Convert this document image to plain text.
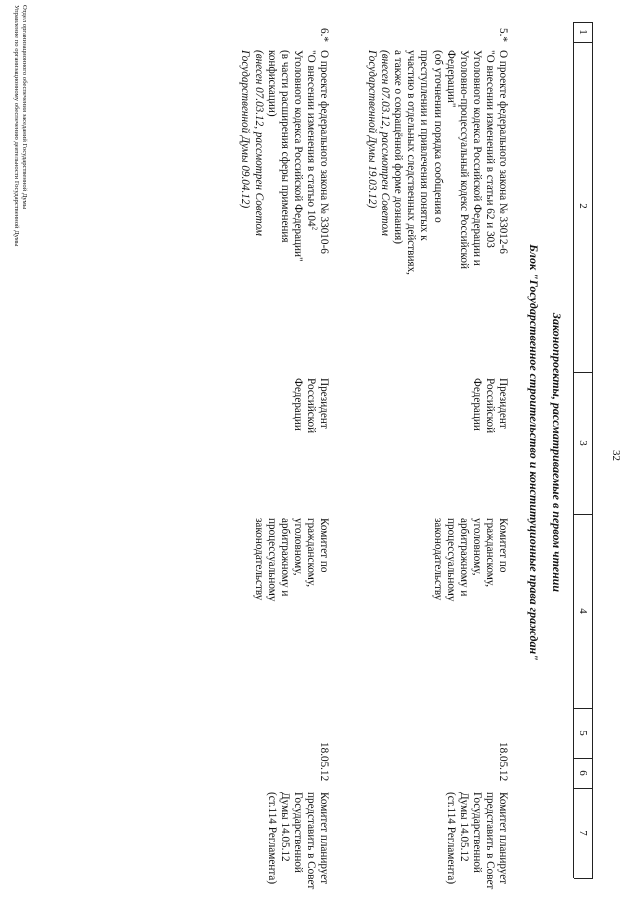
32
1
2
3
4
5
6
7
Законопроекты, рассматриваемые в первом чтении
Блок "Государственное строительство и конституционные права граждан"
5.*
О проекте федерального закона № 33012-6
"О внесении изменений в статьи 62 и 303
Уголовного кодекса Российской Федерации и
Уголовно-процессуальный кодекс Российской
Федерации"
(об уточнении порядка сообщения о
преступлении и привлечения понятых к
участию в отдельных следственных действиях,
а также о сокращённой форме дознания)
(внесен 07.03.12, рассмотрен Советом
Государственной Думы 19.03.12)
Президент
Российской
Федерации
Комитет по
гражданскому,
уголовному,
арбитражному и
процессуальному
законодательству
18.05.12
Комитет планирует
представить в Совет
Государственной
Думы 14.05.12
(ст.114 Регламента)
6.*
О проекте федерального закона № 33010-6
"О внесении изменения в статью $104^2$
Уголовного кодекса Российской Федерации"
(в части расширения сферы применения
конфискации)
(внесен 07.03.12, рассмотрен Советом
Государственной Думы 09.04.12)
Президент
Российской
Федерации
Комитет по
гражданскому,
уголовному,
арбитражному и
процессуальному
законодательству
18.05.12
Комитет планирует
представить в Совет
Государственной
Думы 14.05.12
(ст.114 Регламента)
Отдел организационного обеспечения заседаний Государственной Думы
Управление по организационному обеспечению деятельности Государственной Думы
